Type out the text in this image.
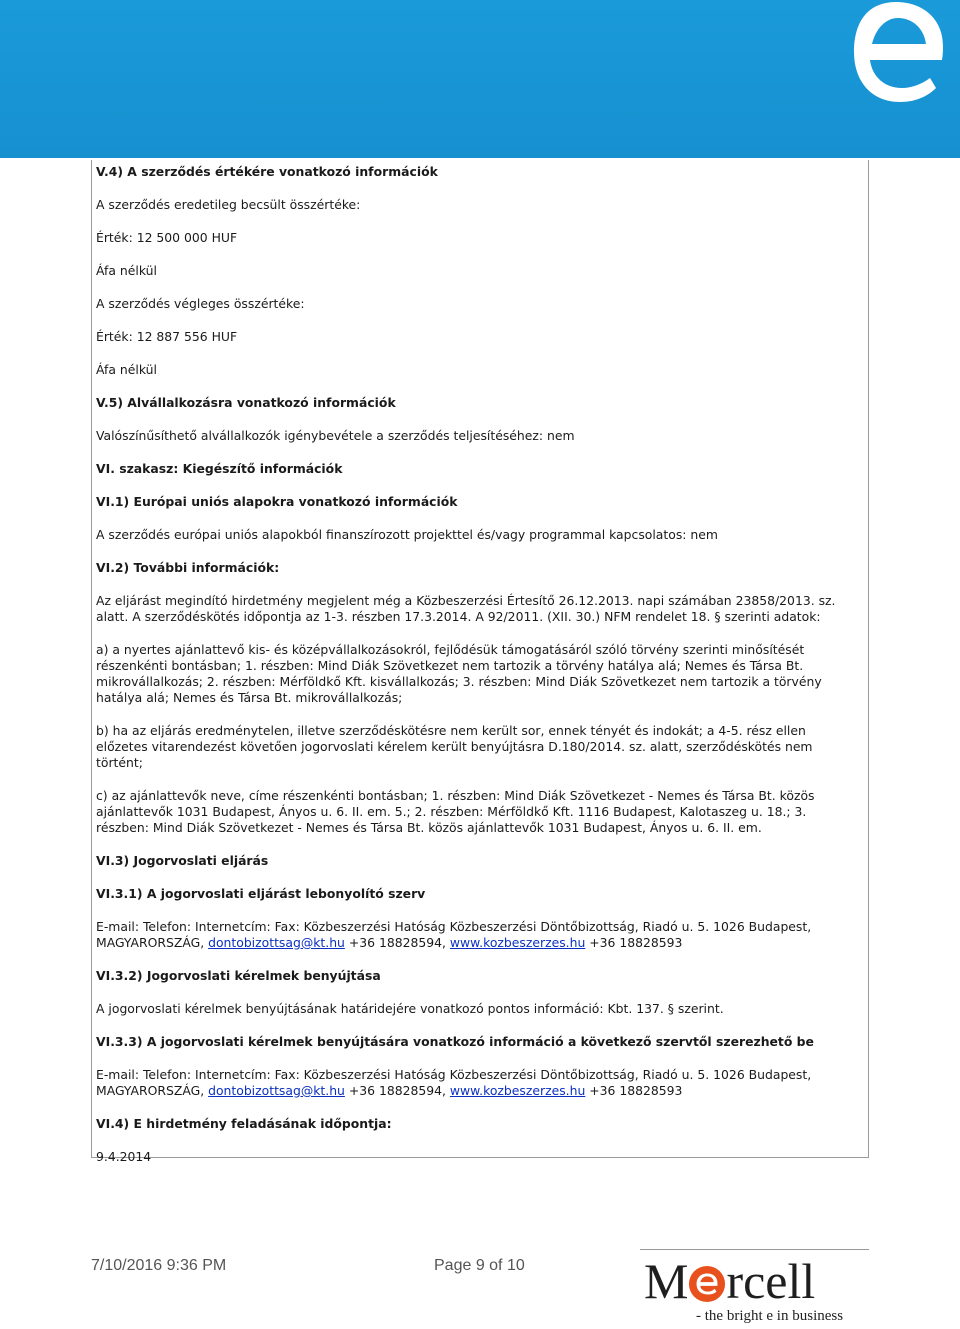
V.4) A szerződés értékére vonatkozó információk
A szerződés eredetileg becsült összértéke:
Érték: 12 500 000 HUF
Áfa nélkül
A szerződés végleges összértéke:
Érték: 12 887 556 HUF
Áfa nélkül
V.5) Alvállalkozásra vonatkozó információk
Valószínűsíthető alvállalkozók igénybevétele a szerződés teljesítéséhez: nem
VI. szakasz: Kiegészítő információk
VI.1) Európai uniós alapokra vonatkozó információk
A szerződés európai uniós alapokból finanszírozott projekttel és/vagy programmal kapcsolatos: nem
VI.2) További információk:
Az eljárást megindító hirdetmény megjelent még a Közbeszerzési Értesítő 26.12.2013. napi számában 23858/2013. sz. alatt. A szerződéskötés időpontja az 1-3. részben 17.3.2014. A 92/2011. (XII. 30.) NFM rendelet 18. § szerinti adatok:
a) a nyertes ajánlattevő kis- és középvállalkozásokról, fejlődésük támogatásáról szóló törvény szerinti minősítését részenkénti bontásban; 1. részben: Mind Diák Szövetkezet nem tartozik a törvény hatálya alá; Nemes és Társa Bt. mikrovállalkozás; 2. részben: Mérföldkő Kft. kisvállalkozás; 3. részben: Mind Diák Szövetkezet nem tartozik a törvény hatálya alá; Nemes és Társa Bt. mikrovállalkozás;
b) ha az eljárás eredménytelen, illetve szerződéskötésre nem került sor, ennek tényét és indokát; a 4-5. rész ellen előzetes vitarendezést követően jogorvoslati kérelem került benyújtásra D.180/2014. sz. alatt, szerződéskötés nem történt;
c) az ajánlattevők neve, címe részenkénti bontásban; 1. részben: Mind Diák Szövetkezet - Nemes és Társa Bt. közös ajánlattevők 1031 Budapest, Ányos u. 6. II. em. 5.; 2. részben: Mérföldkő Kft. 1116 Budapest, Kalotaszeg u. 18.; 3. részben: Mind Diák Szövetkezet - Nemes és Társa Bt. közös ajánlattevők 1031 Budapest, Ányos u. 6. II. em.
VI.3) Jogorvoslati eljárás
VI.3.1) A jogorvoslati eljárást lebonyolító szerv
E-mail: Telefon: Internetcím: Fax: Közbeszerzési Hatóság Közbeszerzési Döntőbizottság, Riadó u. 5. 1026 Budapest, MAGYARORSZÁG, dontobizottsag@kt.hu +36 18828594, www.kozbeszerzes.hu +36 18828593
VI.3.2) Jogorvoslati kérelmek benyújtása
A jogorvoslati kérelmek benyújtásának határidejére vonatkozó pontos információ: Kbt. 137. § szerint.
VI.3.3) A jogorvoslati kérelmek benyújtására vonatkozó információ a következő szervtől szerezhető be
E-mail: Telefon: Internetcím: Fax: Közbeszerzési Hatóság Közbeszerzési Döntőbizottság, Riadó u. 5. 1026 Budapest, MAGYARORSZÁG, dontobizottsag@kt.hu +36 18828594, www.kozbeszerzes.hu +36 18828593
VI.4) E hirdetmény feladásának időpontja:
9.4.2014
7/10/2016 9:36 PM	Page 9 of 10 M rcell
- the bright e in business
